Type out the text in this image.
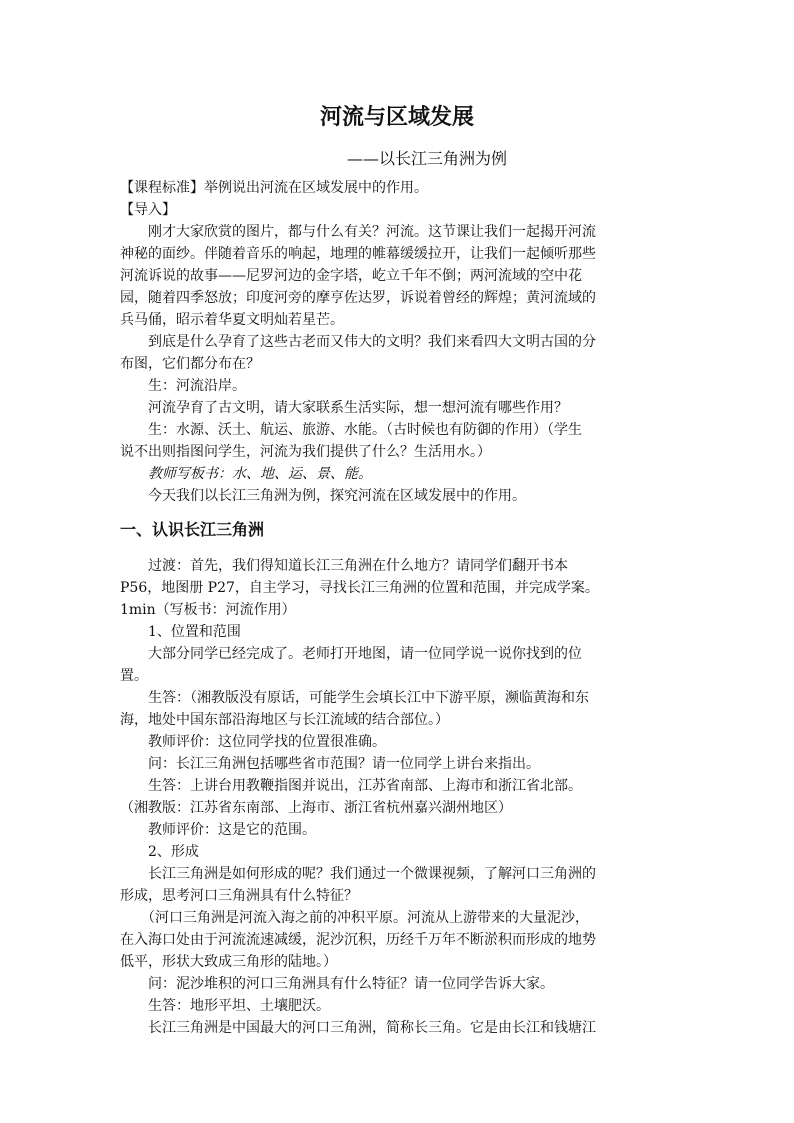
河流与区域发展
——以长江三角洲为例
【课程标准】举例说出河流在区域发展中的作用。
【导入】
　　刚才大家欣赏的图片，都与什么有关？河流。这节课让我们一起揭开河流
神秘的面纱。伴随着音乐的响起，地理的帷幕缓缓拉开，让我们一起倾听那些
河流诉说的故事——尼罗河边的金字塔，屹立千年不倒；两河流域的空中花
园，随着四季怒放；印度河旁的摩亨佐达罗，诉说着曾经的辉煌；黄河流域的
兵马俑，昭示着华夏文明灿若星芒。
　　到底是什么孕育了这些古老而又伟大的文明？我们来看四大文明古国的分
布图，它们都分布在？
　　生：河流沿岸。
　　河流孕育了古文明，请大家联系生活实际，想一想河流有哪些作用？
　　生：水源、沃土、航运、旅游、水能。（古时候也有防御的作用）（学生
说不出则指图问学生，河流为我们提供了什么？生活用水。）
　　教师写板书：水、地、运、景、能。
　　今天我们以长江三角洲为例，探究河流在区域发展中的作用。
一、认识长江三角洲
　　过渡：首先，我们得知道长江三角洲在什么地方？请同学们翻开书本
P56，地图册 P27，自主学习，寻找长江三角洲的位置和范围，并完成学案。
1min（写板书：河流作用）
　　1、位置和范围
　　大部分同学已经完成了。老师打开地图，请一位同学说一说你找到的位
置。
　　生答：（湘教版没有原话，可能学生会填长江中下游平原，濒临黄海和东
海，地处中国东部沿海地区与长江流域的结合部位。）
　　教师评价：这位同学找的位置很准确。
　　问：长江三角洲包括哪些省市范围？请一位同学上讲台来指出。
　　生答：上讲台用教鞭指图并说出，江苏省南部、上海市和浙江省北部。
（湘教版：江苏省东南部、上海市、浙江省杭州嘉兴湖州地区）
　　教师评价：这是它的范围。
　　2、形成
　　长江三角洲是如何形成的呢？我们通过一个微课视频，了解河口三角洲的
形成，思考河口三角洲具有什么特征？
　　（河口三角洲是河流入海之前的冲积平原。河流从上游带来的大量泥沙，
在入海口处由于河流流速减缓，泥沙沉积，历经千万年不断淤积而形成的地势
低平，形状大致成三角形的陆地。）
　　问：泥沙堆积的河口三角洲具有什么特征？请一位同学告诉大家。
　　生答：地形平坦、土壤肥沃。
　　长江三角洲是中国最大的河口三角洲，简称长三角。它是由长江和钱塘江
